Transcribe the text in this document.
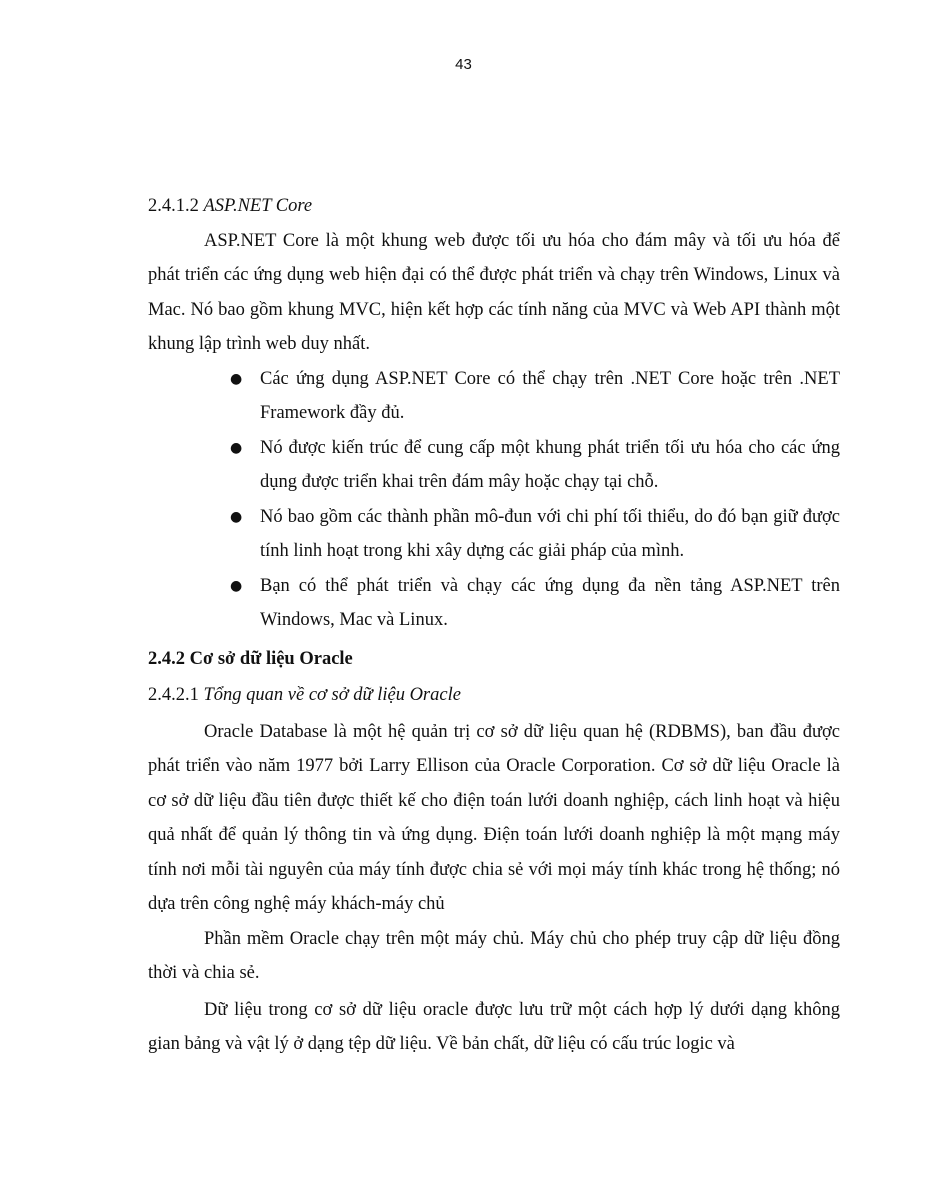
43

2.4.1.2 ASP.NET Core

ASP.NET Core là một khung web được tối ưu hóa cho đám mây và tối ưu hóa để phát triển các ứng dụng web hiện đại có thể được phát triển và chạy trên Windows, Linux và Mac. Nó bao gồm khung MVC, hiện kết hợp các tính năng của MVC và Web API thành một khung lập trình web duy nhất.

● Các ứng dụng ASP.NET Core có thể chạy trên .NET Core hoặc trên .NET Framework đầy đủ.
● Nó được kiến trúc để cung cấp một khung phát triển tối ưu hóa cho các ứng dụng được triển khai trên đám mây hoặc chạy tại chỗ.
● Nó bao gồm các thành phần mô-đun với chi phí tối thiểu, do đó bạn giữ được tính linh hoạt trong khi xây dựng các giải pháp của mình.
● Bạn có thể phát triển và chạy các ứng dụng đa nền tảng ASP.NET trên Windows, Mac và Linux.

2.4.2 Cơ sở dữ liệu Oracle

2.4.2.1 Tổng quan về cơ sở dữ liệu Oracle

Oracle Database là một hệ quản trị cơ sở dữ liệu quan hệ (RDBMS), ban đầu được phát triển vào năm 1977 bởi Larry Ellison của Oracle Corporation. Cơ sở dữ liệu Oracle là cơ sở dữ liệu đầu tiên được thiết kế cho điện toán lưới doanh nghiệp, cách linh hoạt và hiệu quả nhất để quản lý thông tin và ứng dụng. Điện toán lưới doanh nghiệp là một mạng máy tính nơi mỗi tài nguyên của máy tính được chia sẻ với mọi máy tính khác trong hệ thống; nó dựa trên công nghệ máy khách-máy chủ

Phần mềm Oracle chạy trên một máy chủ. Máy chủ cho phép truy cập dữ liệu đồng thời và chia sẻ.

Dữ liệu trong cơ sở dữ liệu oracle được lưu trữ một cách hợp lý dưới dạng không gian bảng và vật lý ở dạng tệp dữ liệu. Về bản chất, dữ liệu có cấu trúc logic và
